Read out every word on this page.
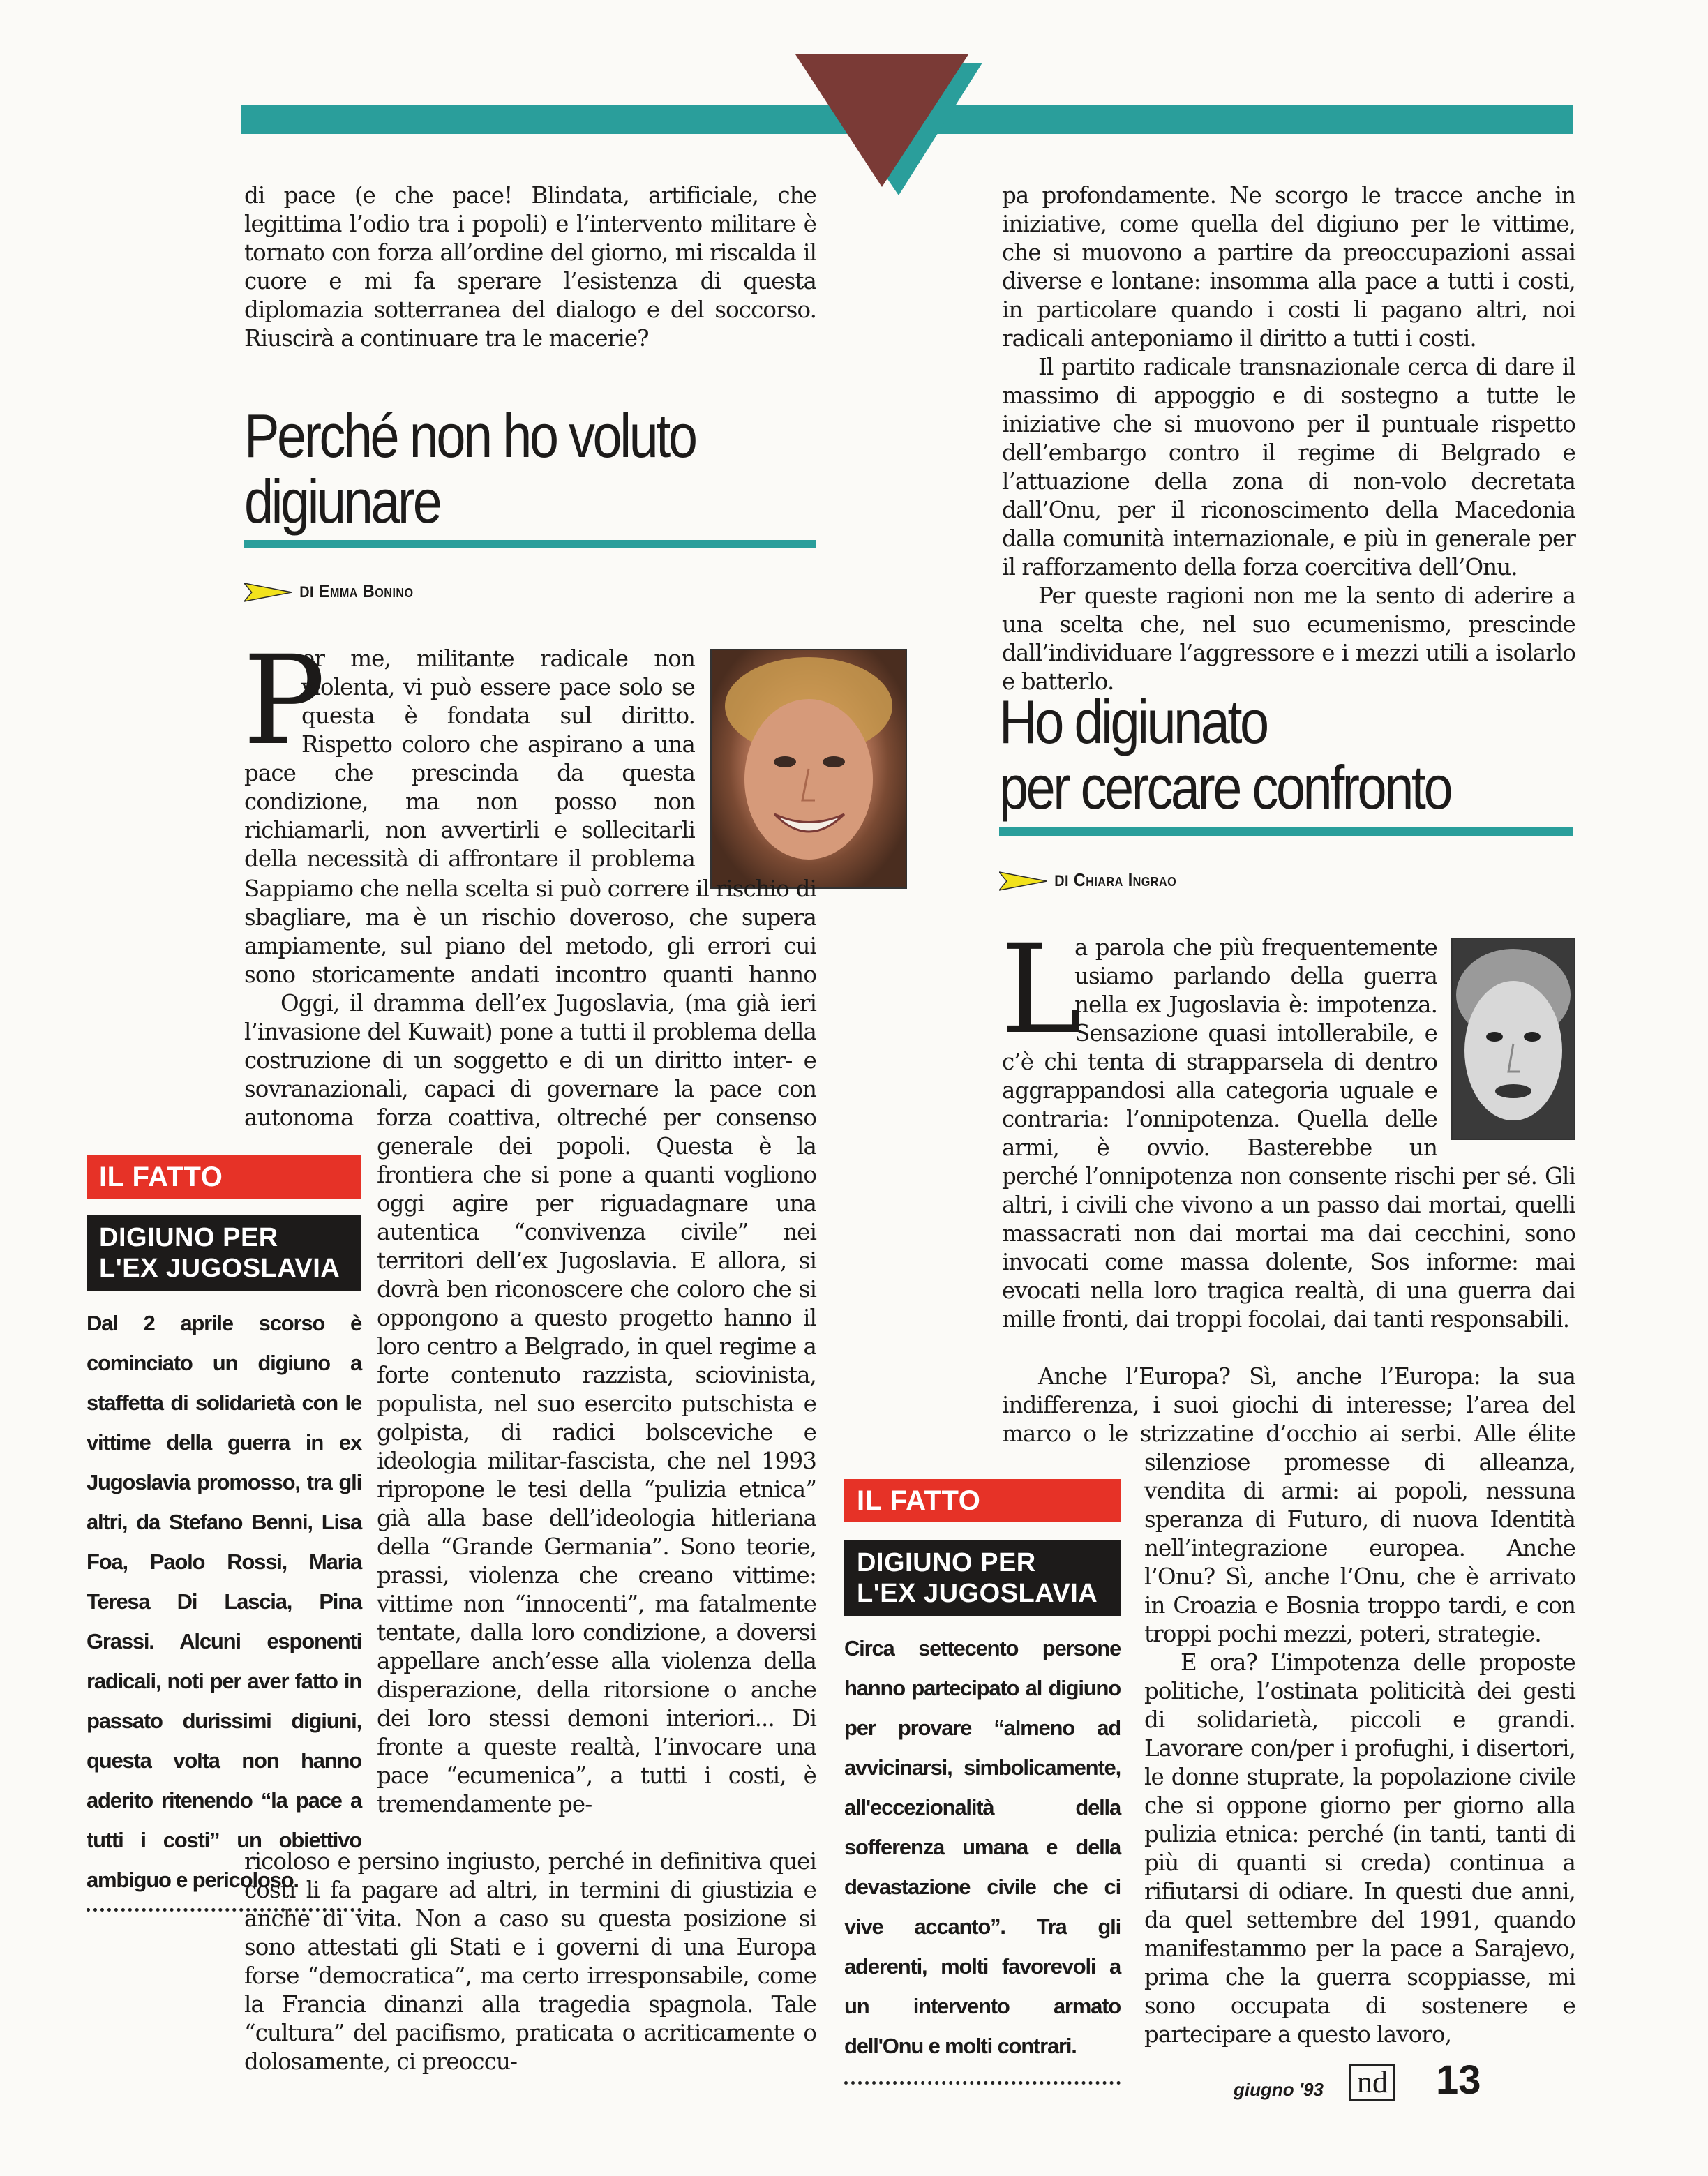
di pace (e che pace! Blindata, artificiale, che legittima l’odio tra i popoli) e l’intervento militare è tornato con forza all’ordine del giorno, mi riscalda il cuore e mi fa sperare l’esistenza di questa diplomazia sotterranea del dialogo e del soccorso. Riuscirà a continuare tra le macerie?

Perché non ho voluto
digiunare
DI Emma Bonino
P

er me, militante radicale non violenta, vi può essere pace solo se questa è fondata sul diritto. Rispetto coloro che aspirano a una pace che prescinda da questa condizione, ma non posso non richiamarli, non avvertirli e sollecitarli della necessità di affrontare il problema

Sappiamo che nella scelta si può correre il rischio di sbagliare, ma è un rischio doveroso, che supera ampiamente, sul piano del metodo, gli errori cui sono storicamente andati incontro quanti hanno

Oggi, il dramma dell’ex Jugoslavia, (ma già ieri l’invasione del Kuwait) pone a tutti il problema della costruzione di un soggetto e di un diritto inter- e sovranazionali, capaci di governare la pace con autonoma	forza coattiva, oltreché per consenso generale dei popoli. Questa è la frontiera che si pone a quanti vogliono oggi agire per riguadagnare una autentica “convivenza civile” nei territori dell’ex Jugoslavia. E allora, si dovrà ben riconoscere che coloro che si oppongono a questo progetto hanno il loro centro a Belgrado, in quel regime a forte contenuto razzista, sciovinista, populista, nel suo esercito putschista e golpista, di radici bolsceviche e ideologia militar-fascista, che nel 1993 ripropone le tesi della “pulizia etnica” già alla base dell’ideologia hitleriana della “Grande Germania”. Sono teorie, prassi, violenza che creano vittime: vittime non “innocenti”, ma fatalmente tentate, dalla loro condizione, a doversi appellare anch’esse alla violenza della disperazione, della ritorsione o anche dei loro stessi demoni interiori... Di fronte a queste realtà, l’invocare una pace “ecumenica”, a tutti i costi, è tremendamente pe-

ricoloso e persino ingiusto, perché in definitiva quei costi li fa pagare ad altri, in termini di giustizia e anche di vita. Non a caso su questa posizione si sono attestati gli Stati e i governi di una Europa forse “democratica”, ma certo irresponsabile, come la Francia dinanzi alla tragedia spagnola. Tale “cultura” del pacifismo, praticata o acriticamente o dolosamente, ci preoccu-

IL FATTO
DIGIUNO PER
L'EX JUGOSLAVIA

Dal 2 aprile scorso è cominciato un digiuno a staffetta di solidarietà con le vittime della guerra in ex Jugoslavia promosso, tra gli altri, da Stefano Benni, Lisa Foa, Paolo Rossi, Maria Teresa Di Lascia, Pina Grassi. Alcuni esponenti radicali, noti per aver fatto in passato durissimi digiuni, questa volta non hanno aderito ritenendo “la pace a tutti i costi” un obiettivo ambiguo e pericoloso.

pa profondamente. Ne scorgo le tracce anche in iniziative, come quella del digiuno per le vittime, che si muovono a partire da preoccupazioni assai diverse e lontane: insomma alla pace a tutti i costi, in particolare quando i costi li pagano altri, noi radicali anteponiamo il diritto a tutti i costi.

Il partito radicale transnazionale cerca di dare il massimo di appoggio e di sostegno a tutte le iniziative che si muovono per il puntuale rispetto dell’embargo contro il regime di Belgrado e l’attuazione della zona di non-volo decretata dall’Onu, per il riconoscimento della Macedonia dalla comunità internazionale, e più in generale per il rafforzamento della forza coercitiva dell’Onu.

Per queste ragioni non me la sento di aderire a una scelta che, nel suo ecumenismo, prescinde dall’individuare l’aggressore e i mezzi utili a isolarlo e batterlo.

Ho digiunato
per cercare confronto
DI Chiara Ingrao
L

a parola che più frequentemente usiamo parlando della guerra nella ex Jugoslavia è: impotenza. Sensazione quasi intollerabile, e c’è chi tenta di strapparsela di dentro aggrappandosi alla categoria uguale e contraria: l’onnipotenza. Quella delle armi, è ovvio. Basterebbe un

perché l’onnipotenza non consente rischi per sé. Gli altri, i civili che vivono a un passo dai mortai, quelli massacrati non dai mortai ma dai cecchini, sono invocati come massa dolente, Sos informe: mai evocati nella loro tragica realtà, di una guerra dai mille fronti, dai troppi focolai, dai tanti responsabili.

Anche l’Europa? Sì, anche l’Europa: la sua indifferenza, i suoi giochi di interesse; l’area del marco o le strizzatine d’occhio ai serbi. Alle élite

silenziose promesse di alleanza, vendita di armi: ai popoli, nessuna speranza di Futuro, di nuova Identità nell’integrazione europea. Anche l’Onu? Sì, anche l’Onu, che è arrivato in Croazia e Bosnia troppo tardi, e con troppi pochi mezzi, poteri, strategie.

E ora? L’impotenza delle proposte politiche, l’ostinata politicità dei gesti di solidarietà, piccoli e grandi. Lavorare con/per i profughi, i disertori, le donne stuprate, la popolazione civile che si oppone giorno per giorno alla pulizia etnica: perché (in tanti, tanti di più di quanti si creda) continua a rifiutarsi di odiare. In questi due anni, da quel settembre del 1991, quando manifestammo per la pace a Sarajevo, prima che la guerra scoppiasse, mi sono occupata di sostenere e partecipare a questo lavoro,

IL FATTO
DIGIUNO PER
L'EX JUGOSLAVIA

Circa settecento persone hanno partecipato al digiuno per provare “almeno ad avvicinarsi, simbolicamente, all'eccezionalità della sofferenza umana e della devastazione civile che ci vive accanto”. Tra gli aderenti, molti favorevoli a un intervento armato dell'Onu e molti contrari.

giugno '93 nd 13
